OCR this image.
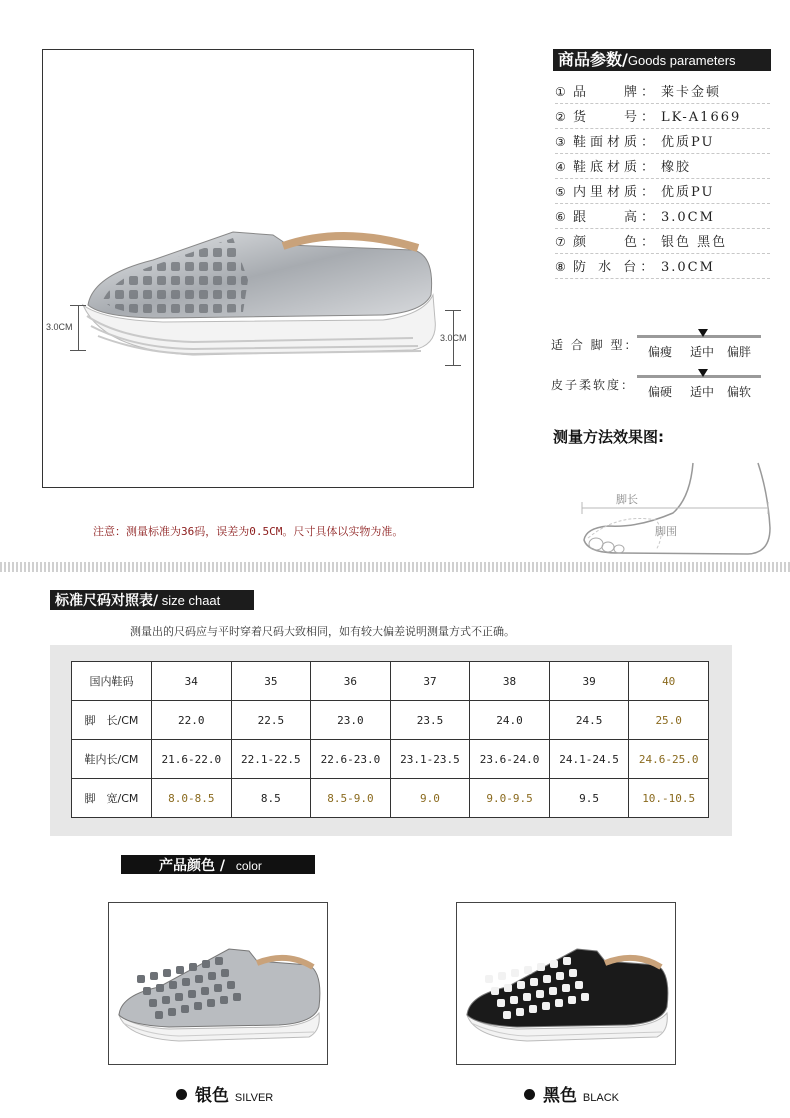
3.0CM
3.0CM
商品参数/Goods parameters
① 品　　牌： 莱卡金顿
② 货　　号： LK-A1669
③ 鞋面材质： 优质PU
④ 鞋底材质： 橡胶
⑤ 内里材质： 优质PU
⑥ 跟　　高： 3.0CM
⑦ 颜　　色： 银色 黑色
⑧ 防 水 台： 3.0CM
适 合 脚 型： 偏瘦 适中 偏胖
皮子柔软度： 偏硬 适中 偏软
测量方法效果图:
脚长
脚围
注意：测量标准为36码，误差为0.5CM。尺寸具体以实物为准。
标准尺码对照表/ size chaat
测量出的尺码应与平时穿着尺码大致相同，如有较大偏差说明测量方式不正确。
国内鞋码	34	35	36	37	38	39	40
脚　长/CM	22.0	22.5	23.0	23.5	24.0	24.5	25.0
鞋内长/CM	21.6-22.0	22.1-22.5	22.6-23.0	23.1-23.5	23.6-24.0	24.1-24.5	24.6-25.0
脚　宽/CM	8.0-8.5	8.5	8.5-9.0	9.0	9.0-9.5	9.5	10.-10.5
产品颜色 / color
银色 SILVER	黑色 BLACK
